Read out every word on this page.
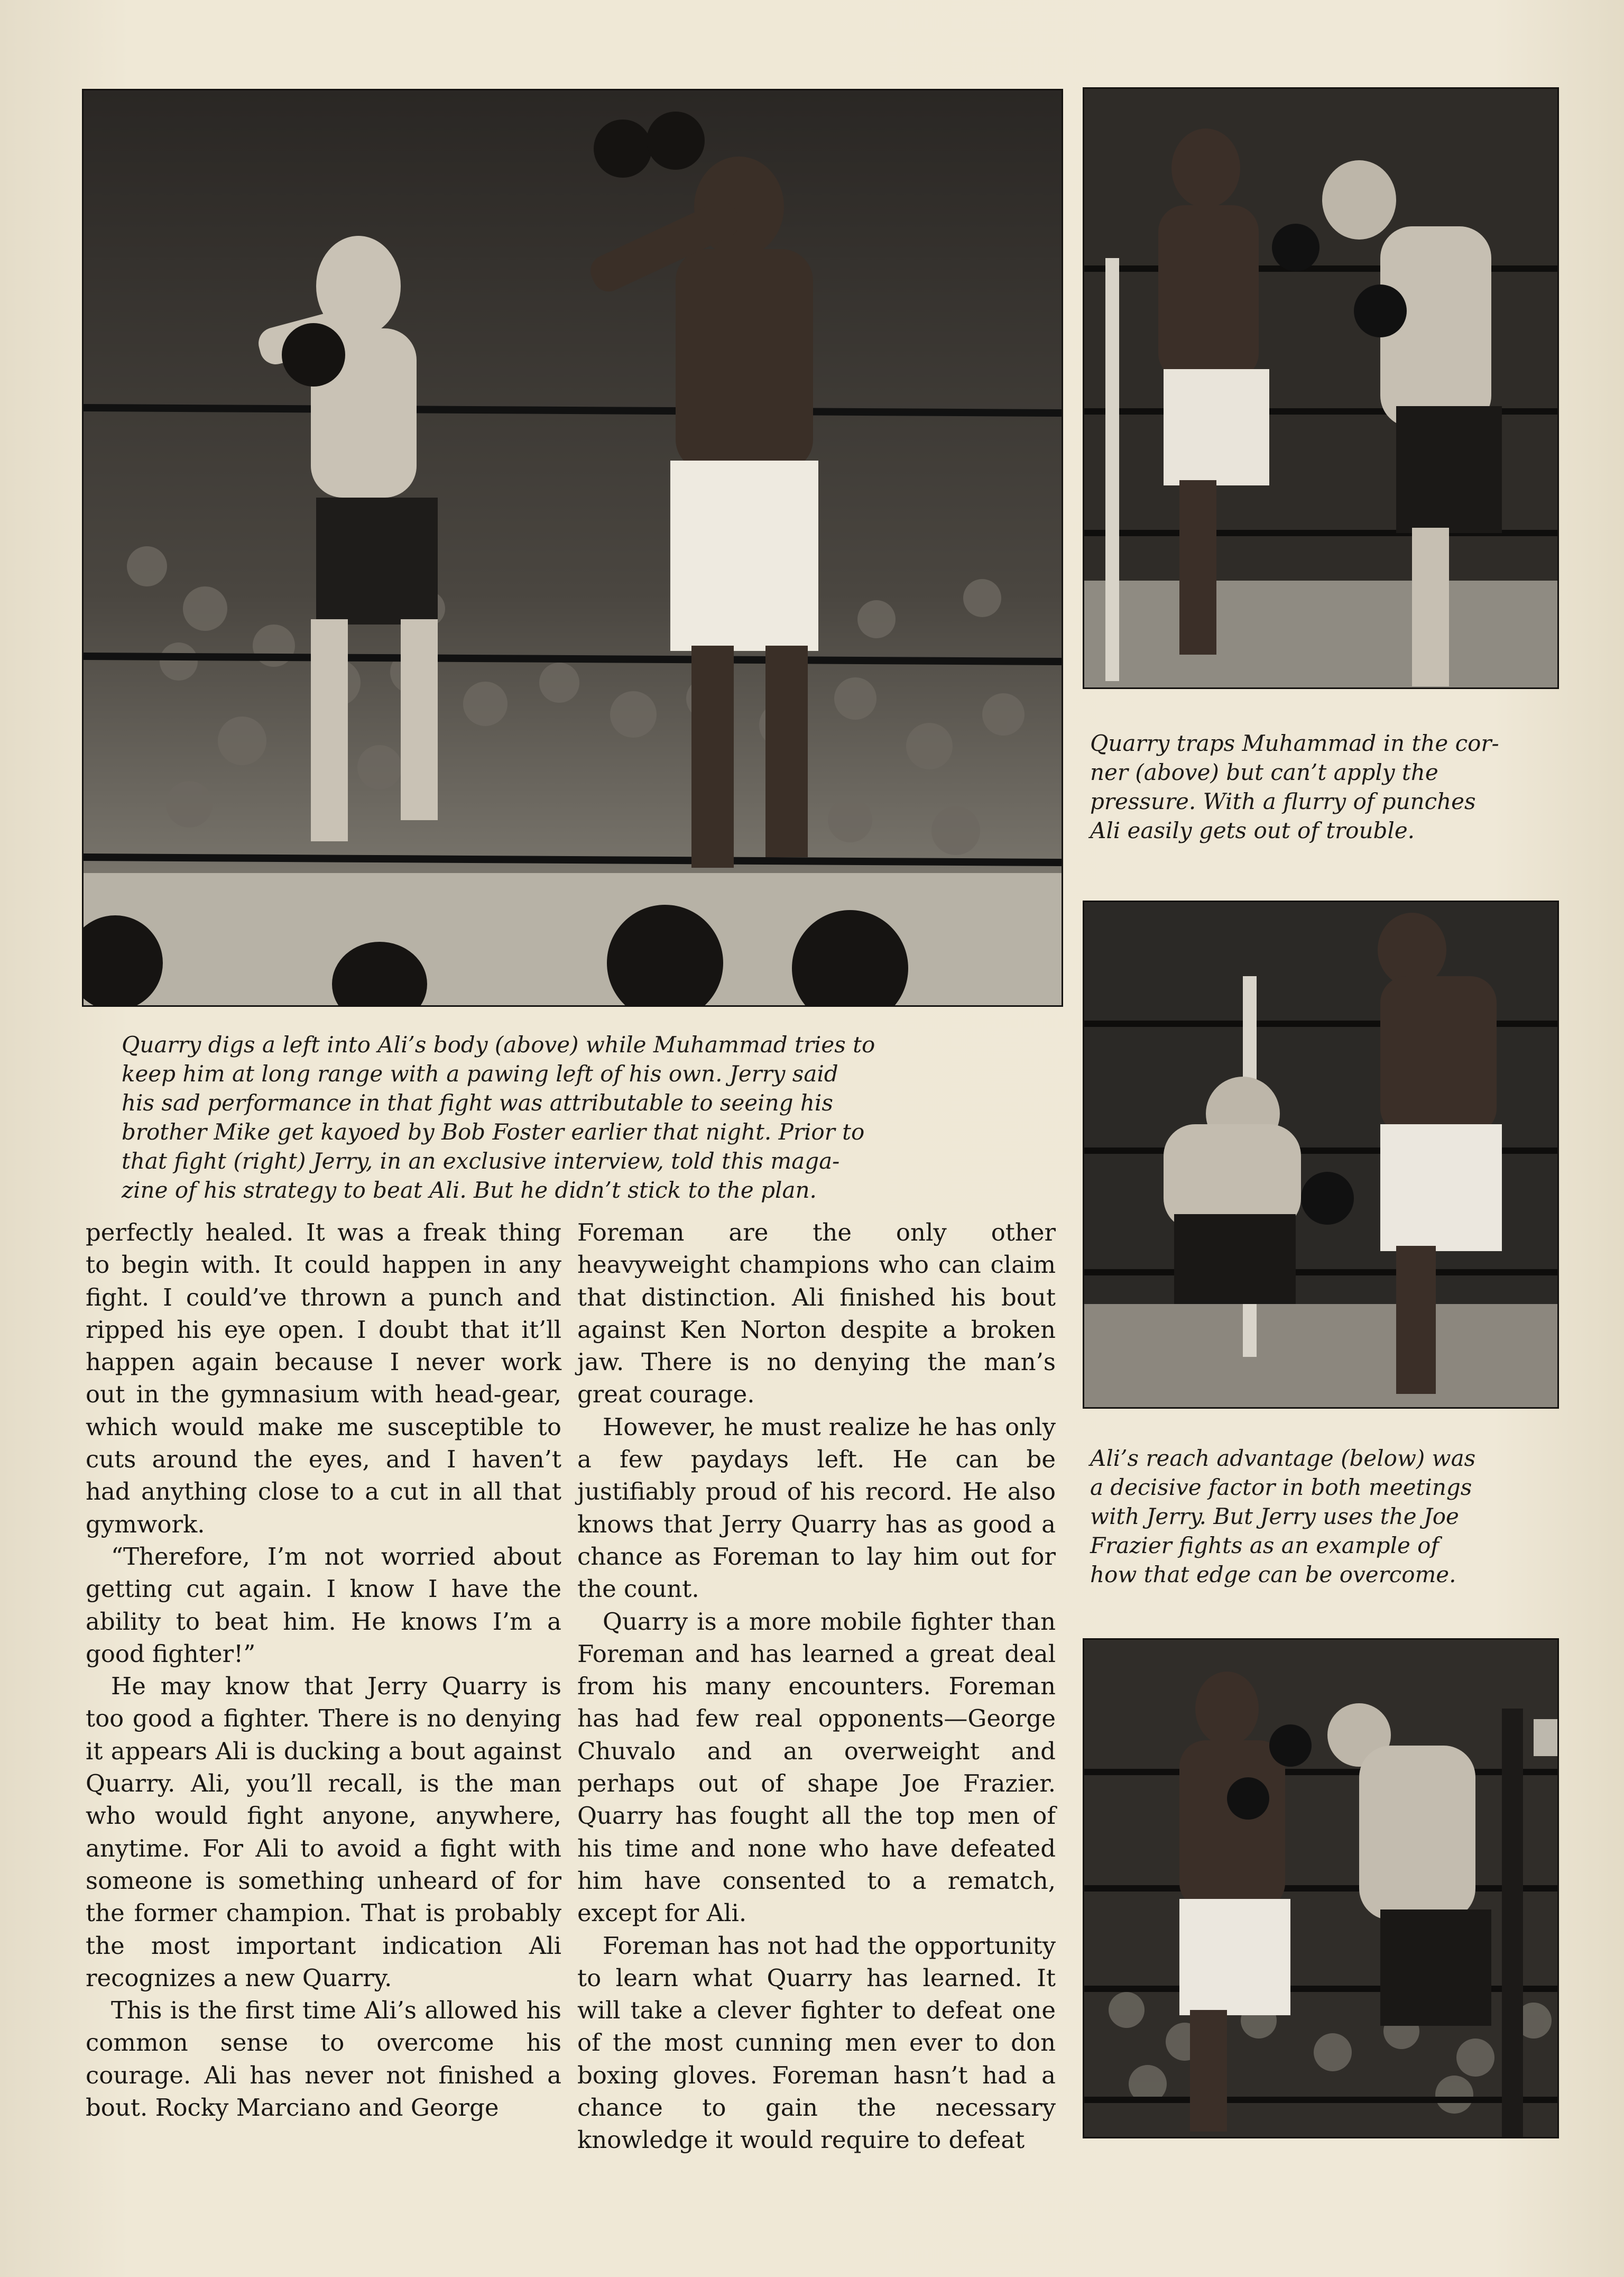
Quarry digs a left into Ali’s body (above) while Muhammad tries to
keep him at long range with a pawing left of his own. Jerry said
his sad performance in that fight was attributable to seeing his
brother Mike get kayoed by Bob Foster earlier that night. Prior to
that fight (right) Jerry, in an exclusive interview, told this maga-
zine of his strategy to beat Ali. But he didn’t stick to the plan.
Quarry traps Muhammad in the cor-
ner (above) but can’t apply the
pressure. With a flurry of punches
Ali easily gets out of trouble.
Ali’s reach advantage (below) was
a decisive factor in both meetings
with Jerry. But Jerry uses the Joe
Frazier fights as an example of
how that edge can be overcome.

perfectly healed. It was a freak thing to begin with. It could happen in any fight. I could’ve thrown a punch and ripped his eye open. I doubt that it’ll happen again because I never work out in the gymnasium with head-gear, which would make me susceptible to cuts around the eyes, and I haven’t had anything close to a cut in all that gymwork.

“Therefore, I’m not worried about getting cut again. I know I have the ability to beat him. He knows I’m a good fighter!”

He may know that Jerry Quarry is too good a fighter. There is no denying it appears Ali is ducking a bout against Quarry. Ali, you’ll recall, is the man who would fight anyone, anywhere, anytime. For Ali to avoid a fight with someone is something unheard of for the former champion. That is probably the most important indication Ali recognizes a new Quarry.

This is the first time Ali’s allowed his common sense to overcome his courage. Ali has never not finished a bout. Rocky Marciano and George

Foreman are the only other heavyweight champions who can claim that distinction. Ali finished his bout against Ken Norton despite a broken jaw. There is no denying the man’s great courage.

However, he must realize he has only a few paydays left. He can be justifiably proud of his record. He also knows that Jerry Quarry has as good a chance as Foreman to lay him out for the count.

Quarry is a more mobile fighter than Foreman and has learned a great deal from his many encounters. Foreman has had few real opponents—George Chuvalo and an overweight and perhaps out of shape Joe Frazier. Quarry has fought all the top men of his time and none who have defeated him have consented to a rematch, except for Ali.

Foreman has not had the opportunity to learn what Quarry has learned. It will take a clever fighter to defeat one of the most cunning men ever to don boxing gloves. Foreman hasn’t had a chance to gain the necessary knowledge it would require to defeat
